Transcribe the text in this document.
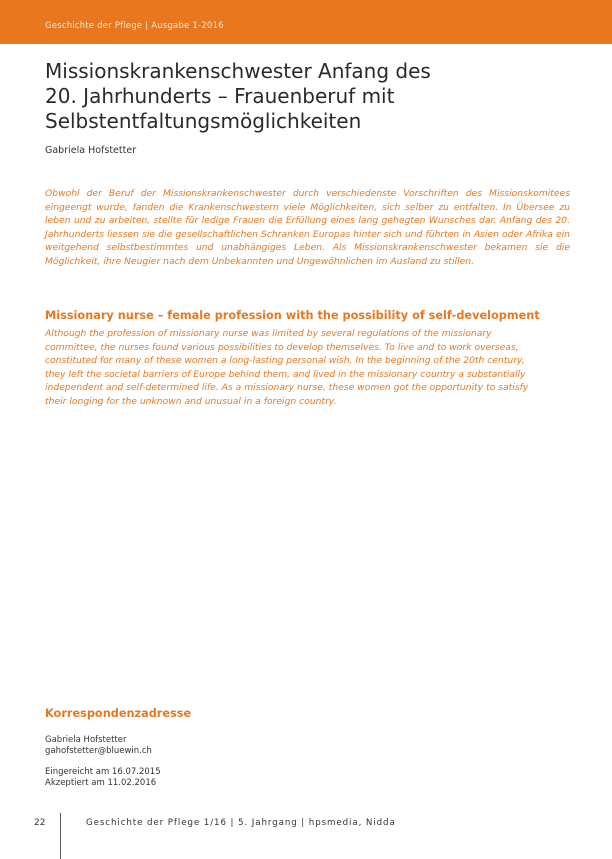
Geschichte der Pflege | Ausgabe 1-2016
Missionskrankenschwester Anfang des
20. Jahrhunderts – Frauenberuf mit
Selbstentfaltungsmöglichkeiten
Gabriela Hofstetter

Obwohl der Beruf der Missionskrankenschwester durch verschiedenste Vorschriften des Missionskomitees eingeengt wurde, fanden die Krankenschwestern viele Möglichkeiten, sich selber zu entfalten. In Übersee zu leben und zu arbeiten, stellte für ledige Frauen die Erfüllung eines lang gehegten Wunsches dar. Anfang des 20. Jahrhunderts liessen sie die gesellschaftlichen Schranken Europas hinter sich und führten in Asien oder Afrika ein weitgehend selbstbestimmtes und unabhängiges Leben. Als Missionskrankenschwester bekamen sie die Möglichkeit, ihre Neugier nach dem Unbekannten und Ungewöhnlichen im Ausland zu stillen.

Missionary nurse – female profession with the possibility of self-development

Although the profession of missionary nurse was limited by several regulations of the missionary committee, the nurses found various possibilities to develop themselves. To live and to work overseas, constituted for many of these women a long-lasting personal wish. In the beginning of the 20th century, they left the societal barriers of Europe behind them, and lived in the missionary country a substantially independent and self-determined life. As a missionary nurse, these women got the opportunity to satisfy their longing for the unknown and unusual in a foreign country.

Korrespondenzadresse
Gabriela Hofstetter
gahofstetter@bluewin.ch
Eingereicht am 16.07.2015
Akzeptiert am 11.02.2016
22	Geschichte der Pflege 1/16 | 5. Jahrgang | hpsmedia, Nidda
